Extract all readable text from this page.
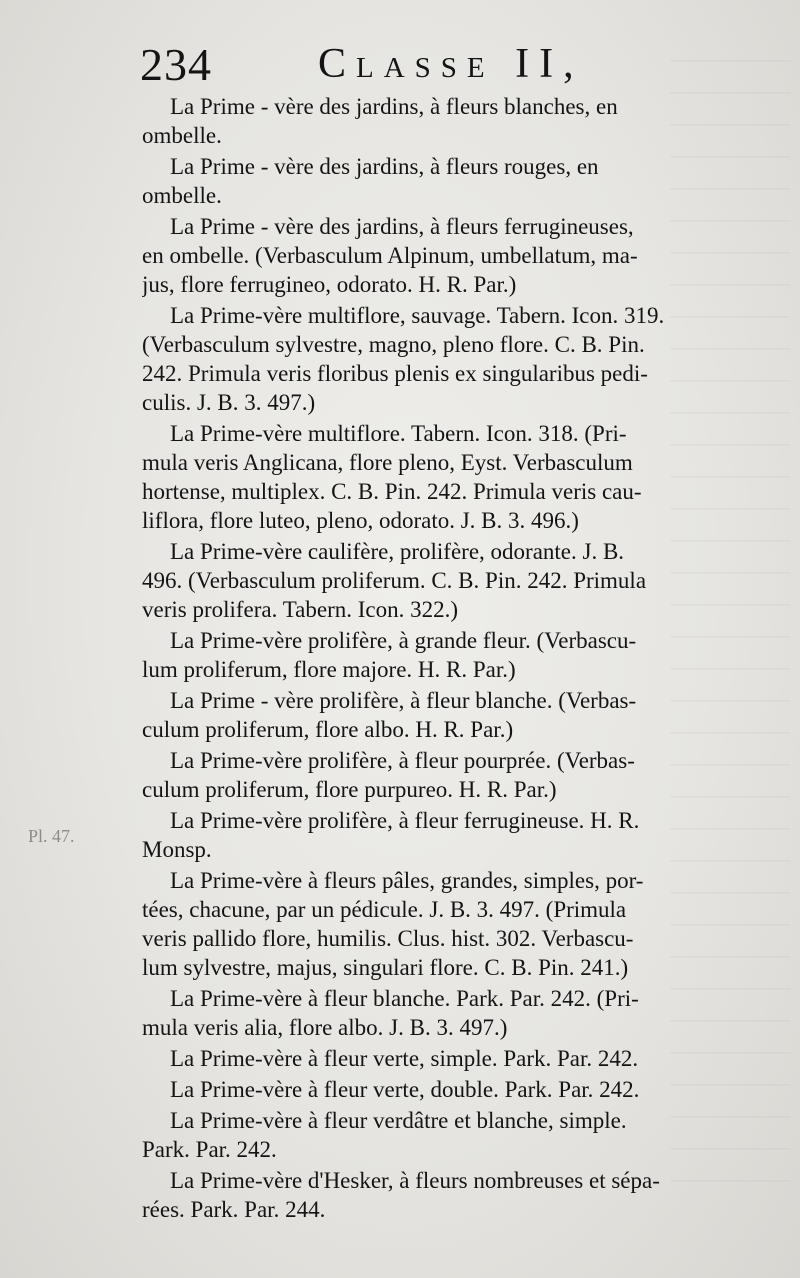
Pl. 47.
234	Classe II,

La Prime - vère des jardins, à fleurs blanches, en
ombelle.

La Prime - vère des jardins, à fleurs rouges, en
ombelle.

La Prime - vère des jardins, à fleurs ferrugineuses,
en ombelle. (Verbasculum Alpinum, umbellatum, ma-
jus, flore ferrugineo, odorato. H. R. Par.)

La Prime-vère multiflore, sauvage. Tabern. Icon. 319.
(Verbasculum sylvestre, magno, pleno flore. C. B. Pin.
242. Primula veris floribus plenis ex singularibus pedi-
culis. J. B. 3. 497.)

La Prime-vère multiflore. Tabern. Icon. 318. (Pri-
mula veris Anglicana, flore pleno, Eyst. Verbasculum
hortense, multiplex. C. B. Pin. 242. Primula veris cau-
liflora, flore luteo, pleno, odorato. J. B. 3. 496.)

La Prime-vère caulifère, prolifère, odorante. J. B.
496. (Verbasculum proliferum. C. B. Pin. 242. Primula
veris prolifera. Tabern. Icon. 322.)

La Prime-vère prolifère, à grande fleur. (Verbascu-
lum proliferum, flore majore. H. R. Par.)

La Prime - vère prolifère, à fleur blanche. (Verbas-
culum proliferum, flore albo. H. R. Par.)

La Prime-vère prolifère, à fleur pourprée. (Verbas-
culum proliferum, flore purpureo. H. R. Par.)

La Prime-vère prolifère, à fleur ferrugineuse. H. R.
Monsp.

La Prime-vère à fleurs pâles, grandes, simples, por-
tées, chacune, par un pédicule. J. B. 3. 497. (Primula
veris pallido flore, humilis. Clus. hist. 302. Verbascu-
lum sylvestre, majus, singulari flore. C. B. Pin. 241.)

La Prime-vère à fleur blanche. Park. Par. 242. (Pri-
mula veris alia, flore albo. J. B. 3. 497.)

La Prime-vère à fleur verte, simple. Park. Par. 242.

La Prime-vère à fleur verte, double. Park. Par. 242.

La Prime-vère à fleur verdâtre et blanche, simple.
Park. Par. 242.

La Prime-vère d'Hesker, à fleurs nombreuses et sépa-
rées. Park. Par. 244.
